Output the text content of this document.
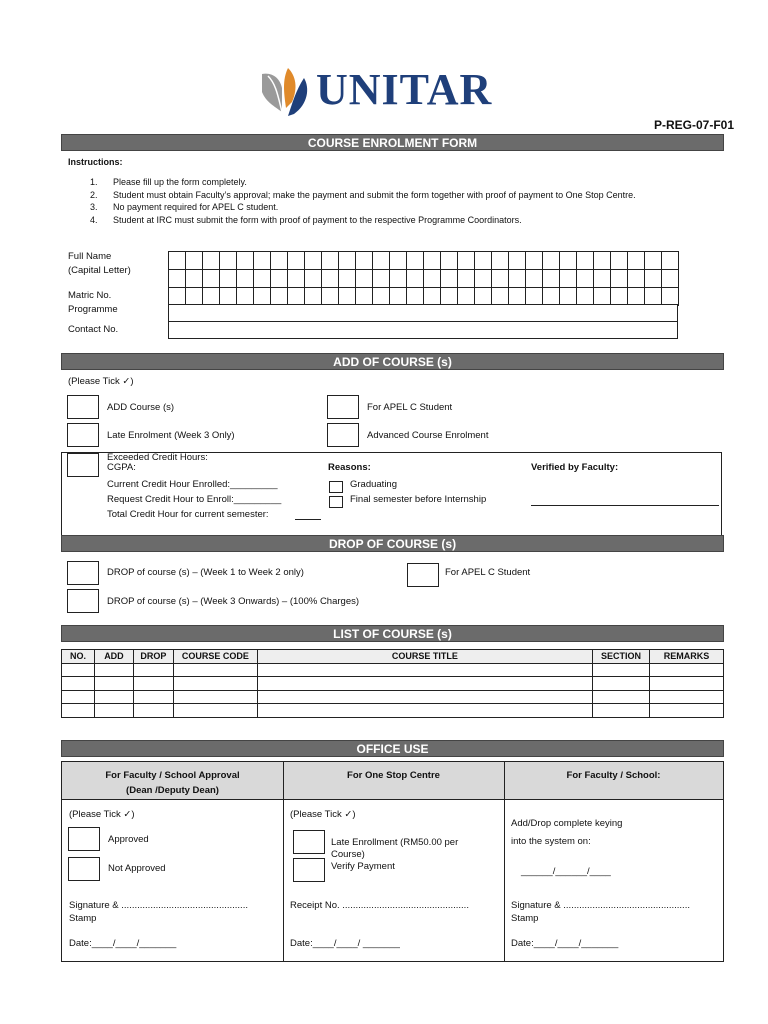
UNITAR
P-REG-07-F01
COURSE ENROLMENT FORM
Instructions:
1.	Please fill up the form completely.
2.	Student must obtain Faculty’s approval; make the payment and submit the form together with proof of payment to One Stop Centre.
3.	No payment required for APEL C student.
4.	Student at IRC must submit the form with proof of payment to the respective Programme Coordinators.
Full Name
(Capital Letter)
Matric No.
Programme
Contact No.

ADD OF COURSE (s)
(Please Tick ✓)
ADD Course (s)	For APEL C Student
Late Enrolment (Week 3 Only)	Advanced Course Enrolment
Exceeded Credit Hours:
CGPA:
Current Credit Hour Enrolled:_________
Request Credit Hour to Enroll:_________
Total Credit Hour for current semester:
Reasons:
Graduating
Final semester before Internship
Verified by Faculty:
DROP OF COURSE (s)
DROP of course (s) – (Week 1 to Week 2 only)	For APEL C Student
DROP of course (s) – (Week 3 Onwards) – (100% Charges)
LIST OF COURSE (s)
NO.	ADD	DROP	COURSE CODE	COURSE TITLE	SECTION	REMARKS

OFFICE USE
For Faculty / School Approval
(Dean /Deputy Dean)
For One Stop Centre	For Faculty / School:
(Please Tick ✓)
Approved
Not Approved
Signature & ................................................
Stamp
Date:____/____/_______
(Please Tick ✓)
Late Enrollment (RM50.00 per
Course)
Verify Payment
Receipt No. ................................................
Date:____/____/ _______
Add/Drop complete keying
into the system on:
______/______/____
Signature & ................................................
Stamp
Date:____/____/_______
